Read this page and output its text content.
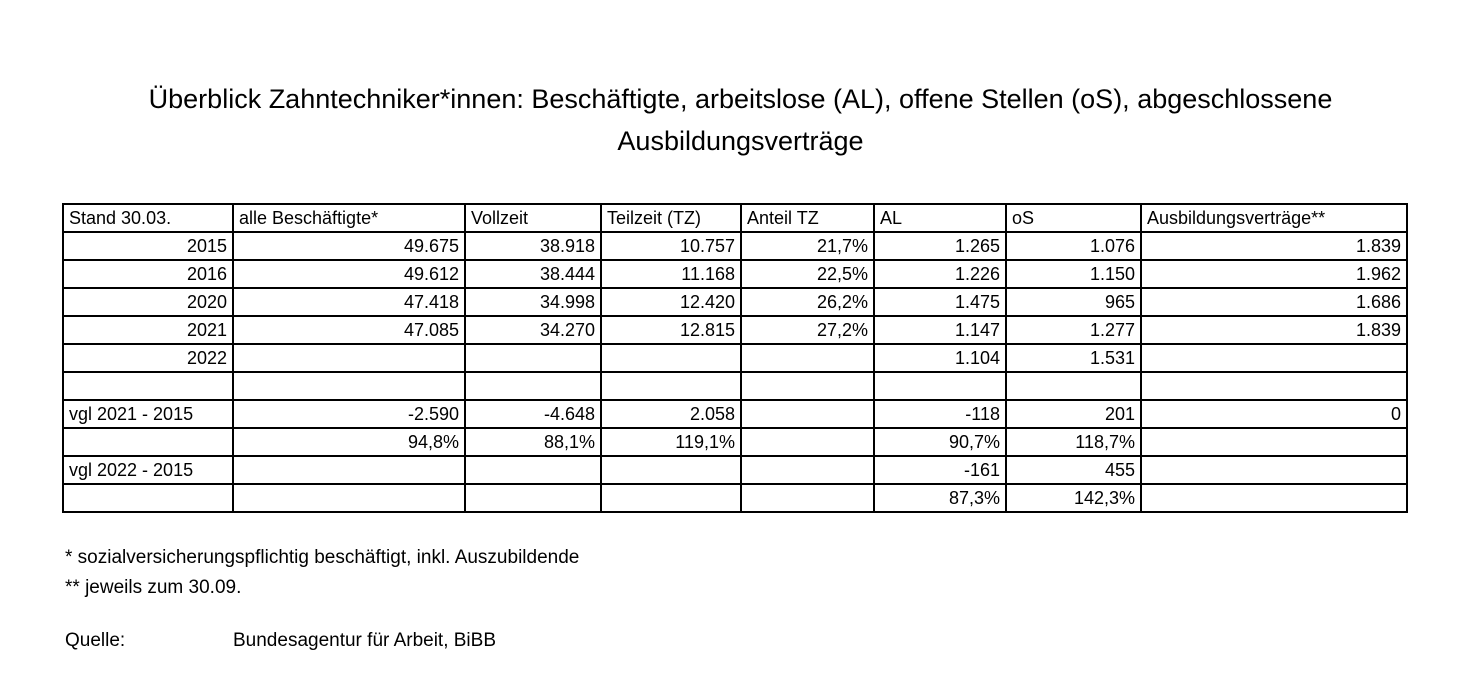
Überblick Zahntechniker*innen: Beschäftigte, arbeitslose (AL), offene Stellen (oS), abgeschlossene
Ausbildungsverträge
Stand 30.03.	alle Beschäftigte*	Vollzeit	Teilzeit (TZ)	Anteil TZ	AL	oS	Ausbildungsverträge**
2015	49.675	38.918	10.757	21,7%	1.265	1.076	1.839
2016	49.612	38.444	11.168	22,5%	1.226	1.150	1.962
2020	47.418	34.998	12.420	26,2%	1.475	965	1.686
2021	47.085	34.270	12.815	27,2%	1.147	1.277	1.839
2022					1.104	1.531	

vgl 2021 - 2015	-2.590	-4.648	2.058		-118	201	0
	94,8%	88,1%	119,1%		90,7%	118,7%	
vgl 2022 - 2015					-161	455	
					87,3%	142,3%	
* sozialversicherungspflichtig beschäftigt, inkl. Auszubildende
** jeweils zum 30.09.
Quelle:	Bundesagentur für Arbeit, BiBB
